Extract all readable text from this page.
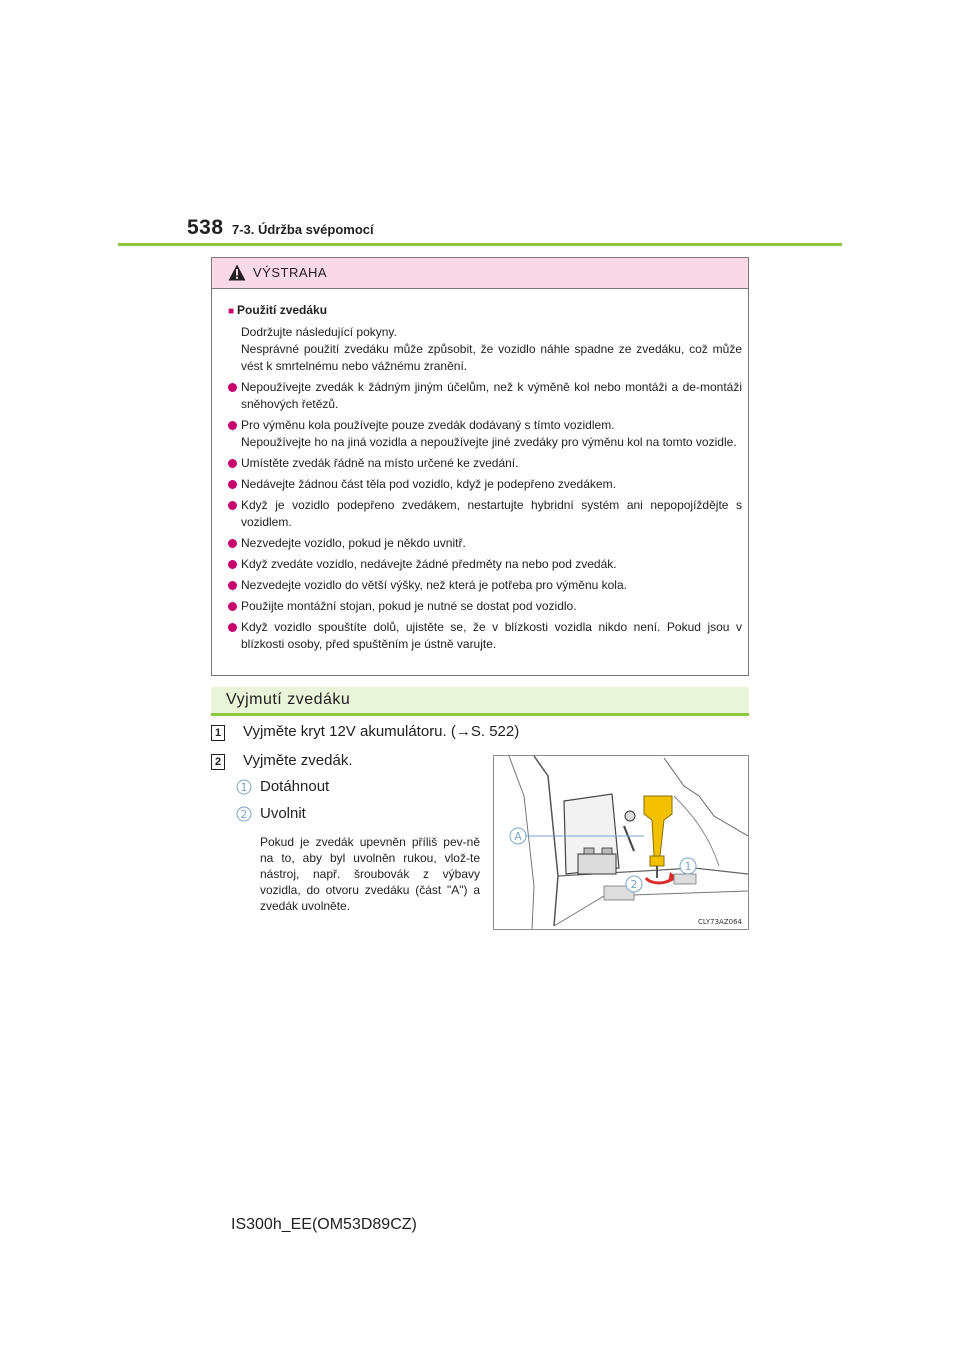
538 7-3. Údržba svépomocí
VÝSTRAHA

■ Použití zvedáku

Dodržujte následující pokyny.
Nesprávné použití zvedáku může způsobit, že vozidlo náhle spadne ze zvedáku, což může vést k smrtelnému nebo vážnému zranění.

Nepoužívejte zvedák k žádným jiným účelům, než k výměně kol nebo montáži a de-montáži sněhových řetězů.

Pro výměnu kola používejte pouze zvedák dodávaný s tímto vozidlem.
Nepoužívejte ho na jiná vozidla a nepoužívejte jiné zvedáky pro výměnu kol na tomto vozidle.

Umístěte zvedák řádně na místo určené ke zvedání.

Nedávejte žádnou část těla pod vozidlo, když je podepřeno zvedákem.

Když je vozidlo podepřeno zvedákem, nestartujte hybridní systém ani nepopojíždějte s vozidlem.

Nezvedejte vozidlo, pokud je někdo uvnitř.

Když zvedáte vozidlo, nedávejte žádné předměty na nebo pod zvedák.

Nezvedejte vozidlo do větší výšky, než která je potřeba pro výměnu kola.

Použijte montážní stojan, pokud je nutné se dostat pod vozidlo.

Když vozidlo spouštíte dolů, ujistěte se, že v blízkosti vozidla nikdo není. Pokud jsou v blízkosti osoby, před spuštěním je ústně varujte.

Vyjmutí zvedáku
1 Vyjměte kryt 12V akumulátoru. (→S. 522)
2 Vyjměte zvedák.
1 Dotáhnout
2 Uvolnit
Pokud je zvedák upevněn příliš pev-ně na to, aby byl uvolněn rukou, vlož-te nástroj, např. šroubovák z výbavy vozidla, do otvoru zvedáku (část "A") a zvedák uvolněte.
A
1
2
CLY73AZ064
IS300h_EE(OM53D89CZ)
